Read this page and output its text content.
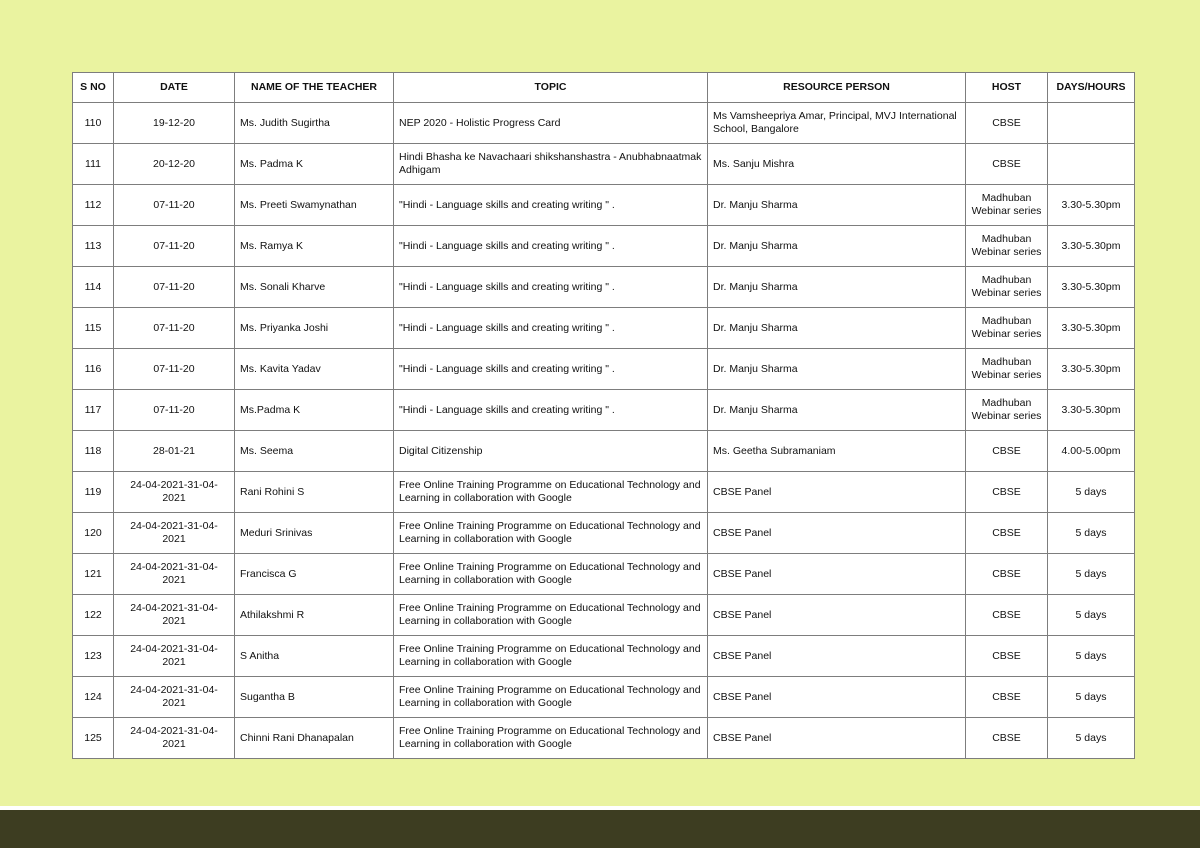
S NO	DATE	NAME OF THE TEACHER	TOPIC	RESOURCE PERSON	HOST	DAYS/HOURS
110	19-12-20	Ms. Judith Sugirtha	NEP 2020 - Holistic Progress Card	Ms Vamsheepriya Amar, Principal, MVJ International School, Bangalore	CBSE	
111	20-12-20	Ms. Padma K	Hindi Bhasha ke Navachaari shikshanshastra - Anubhabnaatmak Adhigam	Ms. Sanju Mishra	CBSE	
112	07-11-20	Ms. Preeti Swamynathan	"Hindi - Language skills and creating writing " .	Dr. Manju Sharma	Madhuban Webinar series	3.30-5.30pm
113	07-11-20	Ms. Ramya K	"Hindi - Language skills and creating writing " .	Dr. Manju Sharma	Madhuban Webinar series	3.30-5.30pm
114	07-11-20	Ms. Sonali Kharve	"Hindi - Language skills and creating writing " .	Dr. Manju Sharma	Madhuban Webinar series	3.30-5.30pm
115	07-11-20	Ms. Priyanka Joshi	"Hindi - Language skills and creating writing " .	Dr. Manju Sharma	Madhuban Webinar series	3.30-5.30pm
116	07-11-20	Ms. Kavita Yadav	"Hindi - Language skills and creating writing " .	Dr. Manju Sharma	Madhuban Webinar series	3.30-5.30pm
117	07-11-20	Ms.Padma K	"Hindi - Language skills and creating writing " .	Dr. Manju Sharma	Madhuban Webinar series	3.30-5.30pm
118	28-01-21	Ms. Seema	Digital Citizenship	Ms. Geetha Subramaniam	CBSE	4.00-5.00pm
119	24-04-2021-31-04-2021	Rani Rohini S	Free Online Training Programme on Educational Technology and Learning in collaboration with Google	CBSE Panel	CBSE	5 days
120	24-04-2021-31-04-2021	Meduri Srinivas	Free Online Training Programme on Educational Technology and Learning in collaboration with Google	CBSE Panel	CBSE	5 days
121	24-04-2021-31-04-2021	Francisca G	Free Online Training Programme on Educational Technology and Learning in collaboration with Google	CBSE Panel	CBSE	5 days
122	24-04-2021-31-04-2021	Athilakshmi R	Free Online Training Programme on Educational Technology and Learning in collaboration with Google	CBSE Panel	CBSE	5 days
123	24-04-2021-31-04-2021	S Anitha	Free Online Training Programme on Educational Technology and Learning in collaboration with Google	CBSE Panel	CBSE	5 days
124	24-04-2021-31-04-2021	Sugantha B	Free Online Training Programme on Educational Technology and Learning in collaboration with Google	CBSE Panel	CBSE	5 days
125	24-04-2021-31-04-2021	Chinni Rani Dhanapalan	Free Online Training Programme on Educational Technology and Learning in collaboration with Google	CBSE Panel	CBSE	5 days
